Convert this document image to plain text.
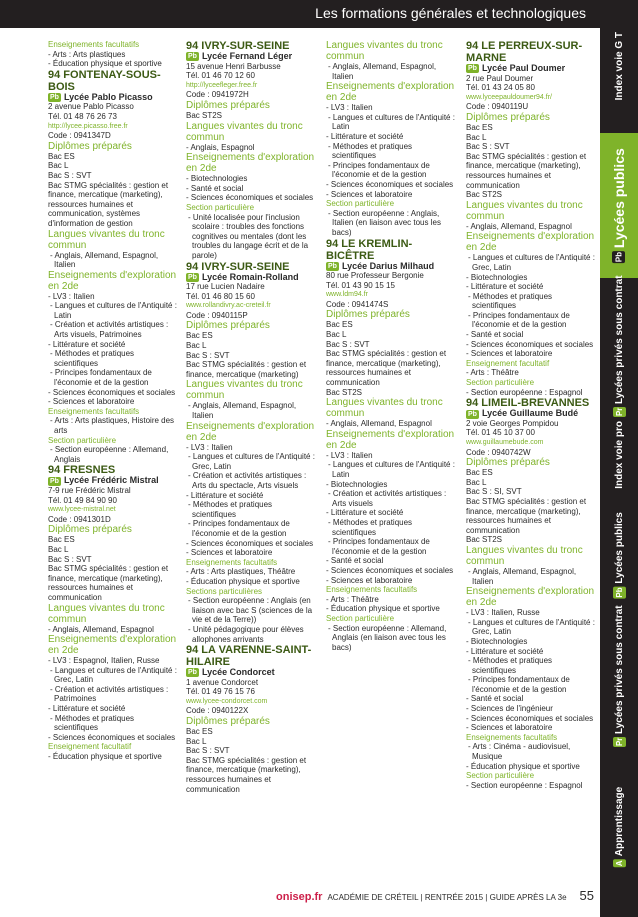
Les formations générales et technologiques
Index voie G T
Pb
Lycées publics
Pr
Lycées privés sous contrat
Index voie pro
Pb
Lycées publics
Pr
Lycées privés sous contrat
A
Apprentissage

Enseignements facultatifs

- Arts : Arts plastiques

- Éducation physique et sportive

94 FONTENAY-SOUS-BOIS

Pb Lycée Pablo Picasso

2 avenue Pablo Picasso

Tél. 01 48 76 26 73

http://lycee.picasso.free.fr

Code : 0941347D

Diplômes préparés

Bac ES

Bac L

Bac S : SVT

Bac STMG spécialités : gestion et finance, mercatique (marketing), ressources humaines et communication, systèmes d'information de gestion

Langues vivantes du tronc commun

- Anglais, Allemand, Espagnol, Italien

Enseignements d'exploration en 2de

- LV3 : Italien

- Langues et cultures de l'Antiquité : Latin

- Création et activités artistiques : Arts visuels, Patrimoines

- Littérature et société

- Méthodes et pratiques scientifiques

- Principes fondamentaux de l'économie et de la gestion

- Sciences économiques et sociales

- Sciences et laboratoire

Enseignements facultatifs

- Arts : Arts plastiques, Histoire des arts

Section particulière

- Section européenne : Allemand, Anglais

94 FRESNES

Pb Lycée Frédéric Mistral

7-9 rue Frédéric Mistral

Tél. 01 49 84 90 90

www.lycee-mistral.net

Code : 0941301D

Diplômes préparés

Bac ES

Bac L

Bac S : SVT

Bac STMG spécialités : gestion et finance, mercatique (marketing), ressources humaines et communication

Langues vivantes du tronc commun

- Anglais, Allemand, Espagnol

Enseignements d'exploration en 2de

- LV3 : Espagnol, Italien, Russe

- Langues et cultures de l'Antiquité : Grec, Latin

- Création et activités artistiques : Patrimoines

- Littérature et société

- Méthodes et pratiques scientifiques

- Sciences économiques et sociales

Enseignement facultatif

- Éducation physique et sportive

94 IVRY-SUR-SEINE

Pb Lycée Fernand Léger

15 avenue Henri Barbusse

Tél. 01 46 70 12 60

http://lyceefleger.free.fr

Code : 0941972H

Diplômes préparés

Bac ST2S

Langues vivantes du tronc commun

- Anglais, Espagnol

Enseignements d'exploration en 2de

- Biotechnologies

- Santé et social

- Sciences économiques et sociales

Section particulière

- Unité localisée pour l'inclusion scolaire : troubles des fonctions cognitives ou mentales (dont les troubles du langage écrit et de la parole)

94 IVRY-SUR-SEINE

Pb Lycée Romain-Rolland

17 rue Lucien Nadaire

Tél. 01 46 80 15 60

www.rollandivry.ac-creteil.fr

Code : 0940115P

Diplômes préparés

Bac ES

Bac L

Bac S : SVT

Bac STMG spécialités : gestion et finance, mercatique (marketing)

Langues vivantes du tronc commun

- Anglais, Allemand, Espagnol, Italien

Enseignements d'exploration en 2de

- LV3 : Italien

- Langues et cultures de l'Antiquité : Grec, Latin

- Création et activités artistiques : Arts du spectacle, Arts visuels

- Littérature et société

- Méthodes et pratiques scientifiques

- Principes fondamentaux de l'économie et de la gestion

- Sciences économiques et sociales

- Sciences et laboratoire

Enseignements facultatifs

- Arts : Arts plastiques, Théâtre

- Éducation physique et sportive

Sections particulières

- Section européenne : Anglais (en liaison avec bac S (sciences de la vie et de la Terre))

- Unité pédagogique pour élèves allophones arrivants

94 LA VARENNE-SAINT-HILAIRE

Pb Lycée Condorcet

1 avenue Condorcet

Tél. 01 49 76 15 76

www.lycee-condorcet.com

Code : 0940122X

Diplômes préparés

Bac ES

Bac L

Bac S : SVT

Bac STMG spécialités : gestion et finance, mercatique (marketing), ressources humaines et communication

Langues vivantes du tronc commun

- Anglais, Allemand, Espagnol, Italien

Enseignements d'exploration en 2de

- LV3 : Italien

- Langues et cultures de l'Antiquité : Latin

- Littérature et société

- Méthodes et pratiques scientifiques

- Principes fondamentaux de l'économie et de la gestion

- Sciences économiques et sociales

- Sciences et laboratoire

Section particulière

- Section européenne : Anglais, Italien (en liaison avec tous les bacs)

94 LE KREMLIN-BICÊTRE

Pb Lycée Darius Milhaud

80 rue Professeur Bergonie

Tél. 01 43 90 15 15

www.ldm94.fr

Code : 0941474S

Diplômes préparés

Bac ES

Bac L

Bac S : SVT

Bac STMG spécialités : gestion et finance, mercatique (marketing), ressources humaines et communication

Bac ST2S

Langues vivantes du tronc commun

- Anglais, Allemand, Espagnol

Enseignements d'exploration en 2de

- LV3 : Italien

- Langues et cultures de l'Antiquité : Latin

- Biotechnologies

- Création et activités artistiques : Arts visuels

- Littérature et société

- Méthodes et pratiques scientifiques

- Principes fondamentaux de l'économie et de la gestion

- Santé et social

- Sciences économiques et sociales

- Sciences et laboratoire

Enseignements facultatifs

- Arts : Théâtre

- Éducation physique et sportive

Section particulière

- Section européenne : Allemand, Anglais (en liaison avec tous les bacs)

94 LE PERREUX-SUR-MARNE

Pb Lycée Paul Doumer

2 rue Paul Doumer

Tél. 01 43 24 05 80

www.lyceepauldoumer94.fr/

Code : 0940119U

Diplômes préparés

Bac ES

Bac L

Bac S : SVT

Bac STMG spécialités : gestion et finance, mercatique (marketing), ressources humaines et communication

Bac ST2S

Langues vivantes du tronc commun

- Anglais, Allemand, Espagnol

Enseignements d'exploration en 2de

- Langues et cultures de l'Antiquité : Grec, Latin

- Biotechnologies

- Littérature et société

- Méthodes et pratiques scientifiques

- Principes fondamentaux de l'économie et de la gestion

- Santé et social

- Sciences économiques et sociales

- Sciences et laboratoire

Enseignement facultatif

- Arts : Théâtre

Section particulière

- Section européenne : Espagnol

94 LIMEIL-BREVANNES

Pb Lycée Guillaume Budé

2 voie Georges Pompidou

Tél. 01 45 10 37 00

www.guillaumebude.com

Code : 0940742W

Diplômes préparés

Bac ES

Bac L

Bac S : SI, SVT

Bac STMG spécialités : gestion et finance, mercatique (marketing), ressources humaines et communication

Bac ST2S

Langues vivantes du tronc commun

- Anglais, Allemand, Espagnol, Italien

Enseignements d'exploration en 2de

- LV3 : Italien, Russe

- Langues et cultures de l'Antiquité : Grec, Latin

- Biotechnologies

- Littérature et société

- Méthodes et pratiques scientifiques

- Principes fondamentaux de l'économie et de la gestion

- Santé et social

- Sciences de l'ingénieur

- Sciences économiques et sociales

- Sciences et laboratoire

Enseignements facultatifs

- Arts : Cinéma - audiovisuel, Musique

- Éducation physique et sportive

Section particulière

- Section européenne : Espagnol

onisep.fr ACADÉMIE DE CRÉTEIL | RENTRÉE 2015 | GUIDE APRÈS LA 3e 55
